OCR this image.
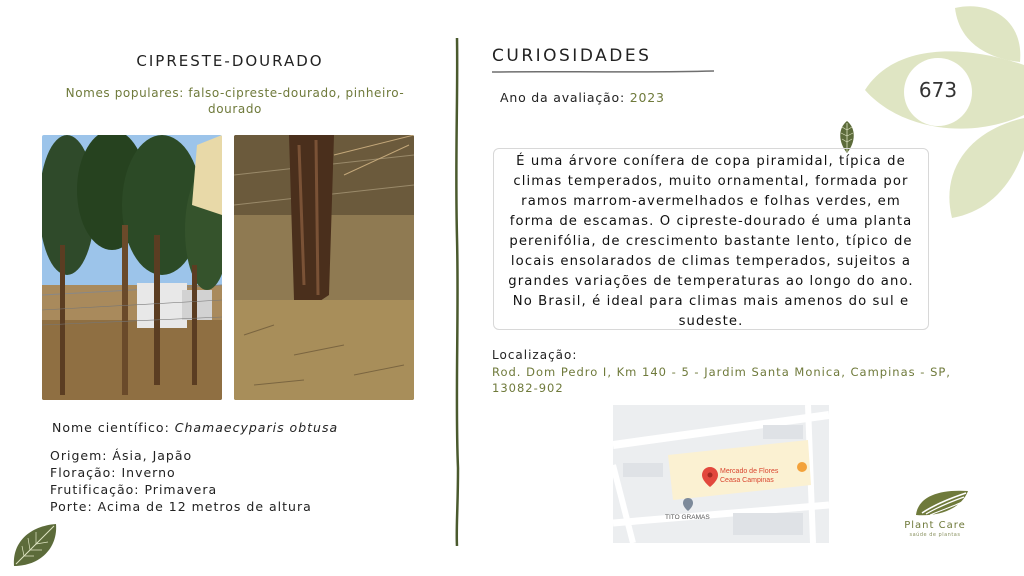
673
CIPRESTE-DOURADO
Nomes populares: falso-cipreste-dourado, pinheiro-dourado
Nome científico: Chamaecyparis obtusa
Origem: Ásia, Japão
Floração: Inverno
Frutificação: Primavera
Porte: Acima de 12 metros de altura
CURIOSIDADES
Ano da avaliação: 2023
É uma árvore conífera de copa piramidal, típica de climas temperados, muito ornamental, formada por ramos marrom-avermelhados e folhas verdes, em forma de escamas. O cipreste-dourado é uma planta perenifólia, de crescimento bastante lento, típico de locais ensolarados de climas temperados, sujeitos a grandes variações de temperaturas ao longo do ano. No Brasil, é ideal para climas mais amenos do sul e sudeste.
Localização:
Rod. Dom Pedro I, Km 140 - 5 - Jardim Santa Monica, Campinas - SP, 13082-902
Mercado de Flores
Ceasa Campinas
TITO GRAMAS
Plant Care
saúde de plantas
